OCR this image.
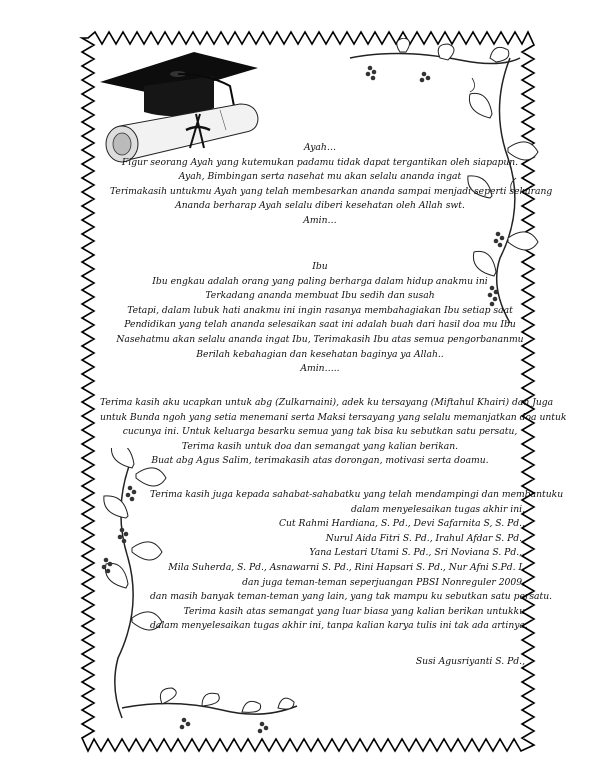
Ayah…
Figur seorang Ayah yang kutemukan padamu tidak dapat tergantikan oleh siapapun.
Ayah, Bimbingan serta nasehat mu akan selalu ananda ingat
Terimakasih untukmu Ayah yang telah membesarkan ananda sampai menjadi seperti sekarang
Ananda berharap Ayah selalu diberi kesehatan oleh Allah swt.
Amin…
Ibu
Ibu engkau adalah orang yang paling berharga dalam hidup anakmu ini
Terkadang ananda membuat Ibu sedih dan susah
Tetapi, dalam lubuk hati anakmu ini ingin rasanya membahagiakan Ibu setiap saat
Pendidikan yang telah ananda selesaikan saat ini adalah buah dari hasil doa mu Ibu
Nasehatmu akan selalu ananda ingat Ibu, Terimakasih Ibu atas semua pengorbananmu
Berilah kebahagian dan kesehatan baginya ya Allah..
Amin…..
Terima kasih aku ucapkan untuk abg (Zulkarnaini), adek ku tersayang (Miftahul Khairi) dan Juga
untuk Bunda ngoh yang setia menemani serta Maksi tersayang yang selalu memanjatkan doa untuk
cucunya ini. Untuk keluarga besarku semua yang tak bisa ku sebutkan satu persatu,
Terima kasih untuk doa dan semangat yang kalian berikan.
Buat abg Agus Salim, terimakasih atas dorongan, motivasi serta doamu.
Terima kasih juga kepada sahabat-sahabatku yang telah mendampingi dan membantuku
dalam menyelesaikan tugas akhir ini,
Cut Rahmi Hardiana, S. Pd., Devi Safarnita S, S. Pd.,
Nurul Aida Fitri S. Pd., Irahul Afdar S. Pd.,
Yana Lestari Utami S. Pd., Sri Noviana S. Pd.,.
Mila Suherda, S. Pd., Asnawarni S. Pd., Rini Hapsari S. Pd., Nur Afni S.Pd. I.
dan juga teman-teman seperjuangan PBSI Nonreguler 2009,
dan masih banyak teman-teman yang lain, yang tak mampu ku sebutkan satu persatu.
Terima kasih atas semangat yang luar biasa yang kalian berikan untukku
dalam menyelesaikan tugas akhir ini, tanpa kalian karya tulis ini tak ada artinya.
Susi Agusriyanti S. Pd.,
